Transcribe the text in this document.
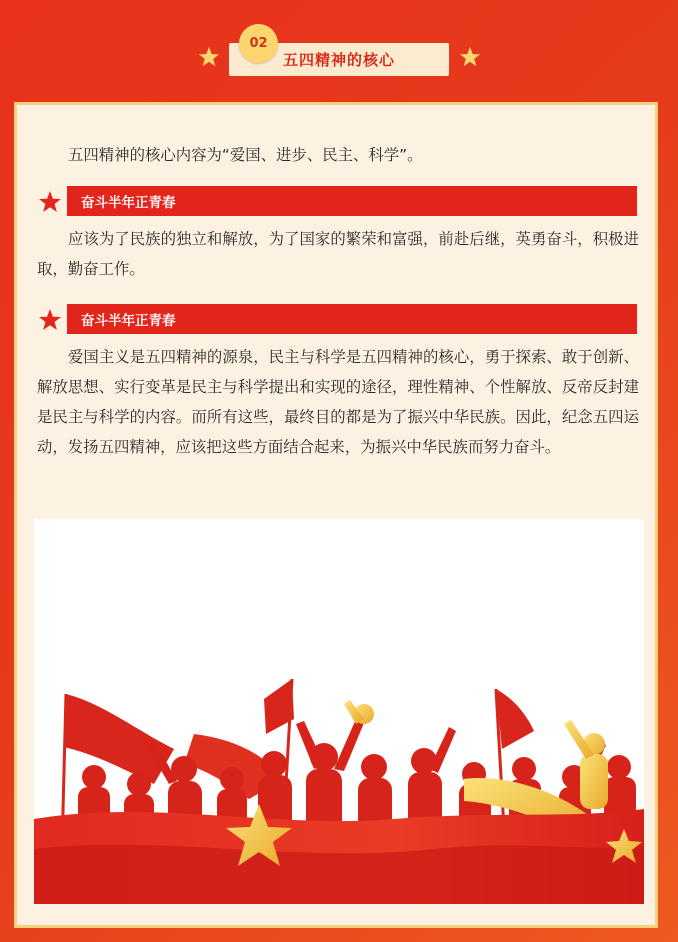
五四精神的核心
02
五四精神的核心内容为“爱国、进步、民主、科学”。
奋斗半年正青春
应该为了民族的独立和解放，为了国家的繁荣和富强，前赴后继，英勇奋斗，积极进取，勤奋工作。
奋斗半年正青春
爱国主义是五四精神的源泉，民主与科学是五四精神的核心，勇于探索、敢于创新、解放思想、实行变革是民主与科学提出和实现的途径，理性精神、个性解放、反帝反封建是民主与科学的内容。而所有这些，最终目的都是为了振兴中华民族。因此，纪念五四运动，发扬五四精神，应该把这些方面结合起来，为振兴中华民族而努力奋斗。
